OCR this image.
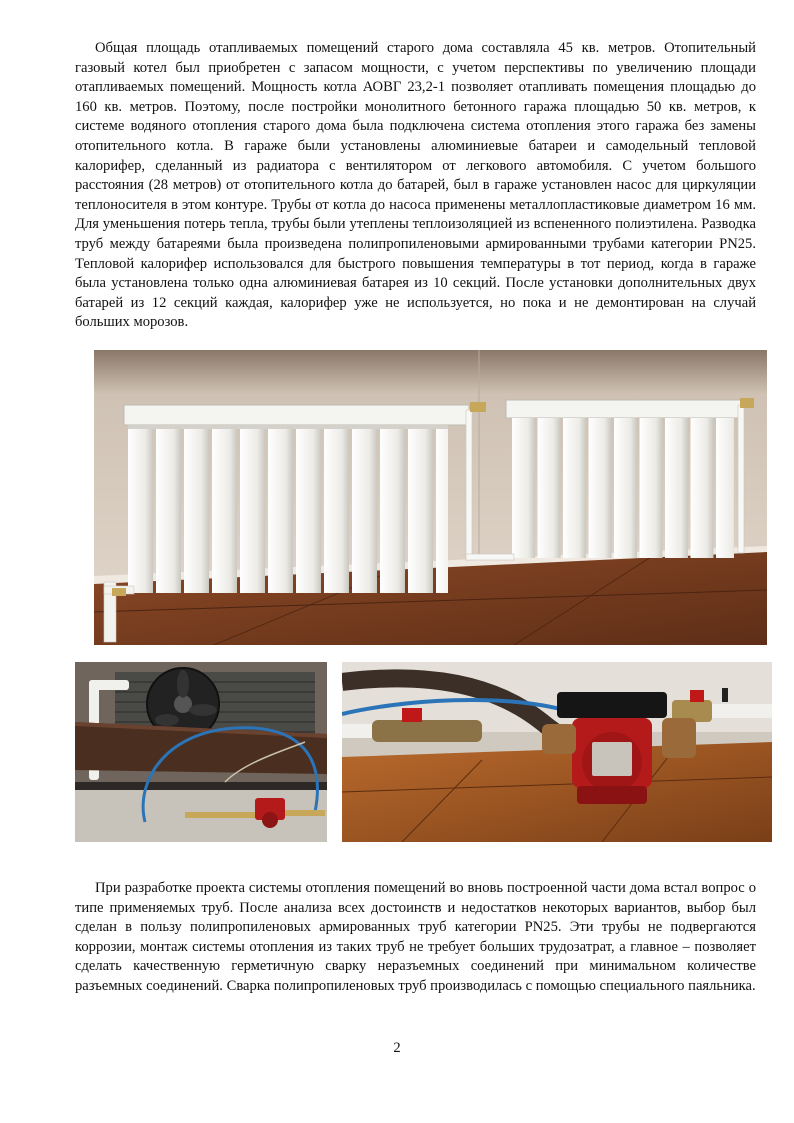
Общая площадь отапливаемых помещений старого дома составляла 45 кв. метров. Отопительный газовый котел был приобретен с запасом мощности, с учетом перспективы по увеличению площади отапливаемых помещений. Мощность котла АОВГ 23,2-1 позволяет отапливать помещения площадью до 160 кв. метров. Поэтому, после постройки монолитного бетонного гаража площадью 50 кв. метров, к системе водяного отопления старого дома была подключена система отопления этого гаража без замены отопительного котла. В гараже были установлены алюминиевые батареи и самодельный тепловой калорифер, сделанный из радиатора с вентилятором от легкового автомобиля. С учетом большого расстояния (28 метров) от отопительного котла до батарей, был в гараже установлен насос для циркуляции теплоносителя в этом контуре. Трубы от котла до насоса применены металлопластиковые диаметром 16 мм. Для уменьшения потерь тепла, трубы были утеплены теплоизоляцией из вспененного полиэтилена. Разводка труб между батареями была произведена полипропиленовыми армированными трубами категории PN25. Тепловой калорифер использовался для быстрого повышения температуры в тот период, когда в гараже была установлена только одна алюминиевая батарея из 10 секций. После установки дополнительных двух батарей из 12 секций каждая, калорифер уже не используется, но пока и не демонтирован на случай больших морозов.

При разработке проекта системы отопления помещений во вновь построенной части дома встал вопрос о типе применяемых труб. После анализа всех достоинств и недостатков некоторых вариантов, выбор был сделан в пользу полипропиленовых армированных труб категории PN25. Эти трубы не подвергаются коррозии, монтаж системы отопления из таких труб не требует больших трудозатрат, а главное – позволяет сделать качественную герметичную сварку неразъемных соединений при минимальном количестве разъемных соединений. Сварка полипропиленовых труб производилась с помощью специального паяльника.

2
